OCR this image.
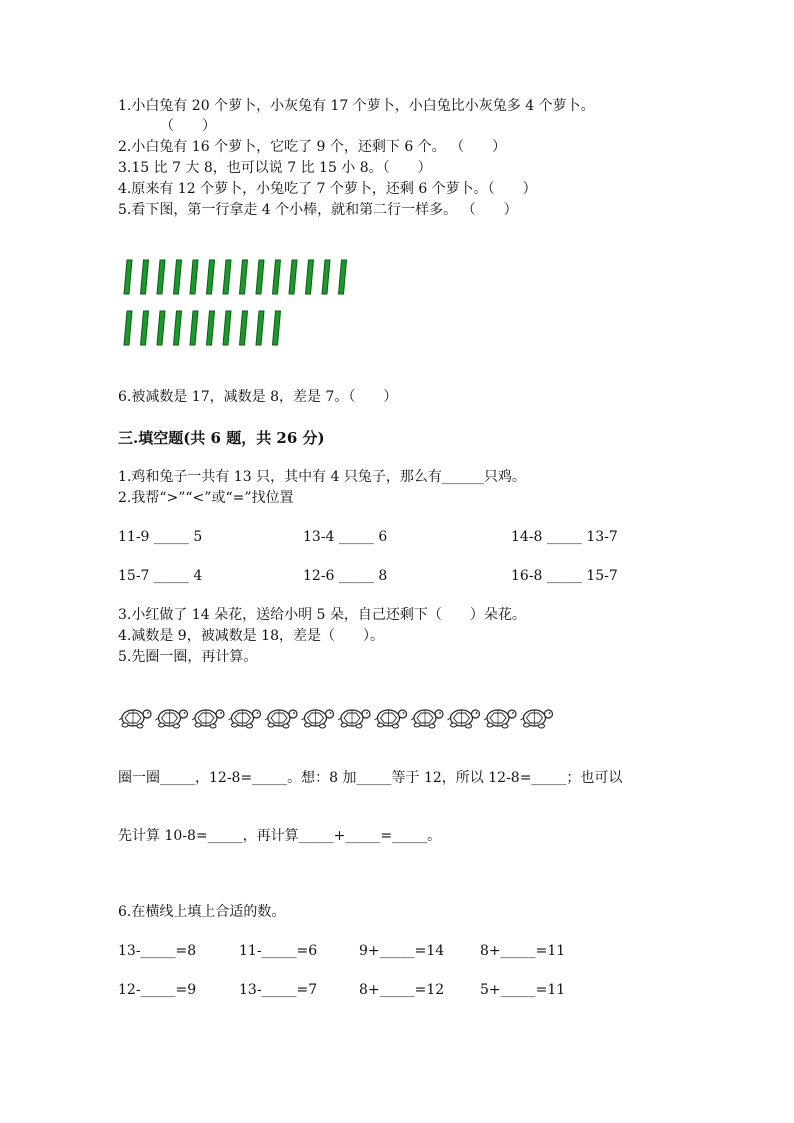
1.小白兔有 20 个萝卜，小灰兔有 17 个萝卜，小白兔比小灰兔多 4 个萝卜。
（　　）
2.小白兔有 16 个萝卜，它吃了 9 个，还剩下 6 个。 （　　）
3.15 比 7 大 8，也可以说 7 比 15 小 8。（　　）
4.原来有 12 个萝卜，小兔吃了 7 个萝卜，还剩 6 个萝卜。（　　）
5.看下图，第一行拿走 4 个小棒，就和第二行一样多。 （　　）
6.被减数是 17，减数是 8，差是 7。（　　）
三.填空题(共 6 题，共 26 分)
1.鸡和兔子一共有 13 只，其中有 4 只兔子，那么有______只鸡。
2.我帮“>”“<”或“=”找位置
11-9 _____ 5	13-4 _____ 6	14-8 _____ 13-7
15-7 _____ 4	12-6 _____ 8	16-8 _____ 15-7
3.小红做了 14 朵花，送给小明 5 朵，自己还剩下（　　）朵花。
4.减数是 9，被减数是 18，差是（　　）。
5.先圈一圈，再计算。
圈一圈_____，12-8=_____。想：8 加_____等于 12，所以 12-8=_____；也可以
先计算 10-8=_____，再计算_____+_____=_____。
6.在横线上填上合适的数。
13-_____=8	11-_____=6	9+_____=14	8+_____=11
12-_____=9	13-_____=7	8+_____=12	5+_____=11
